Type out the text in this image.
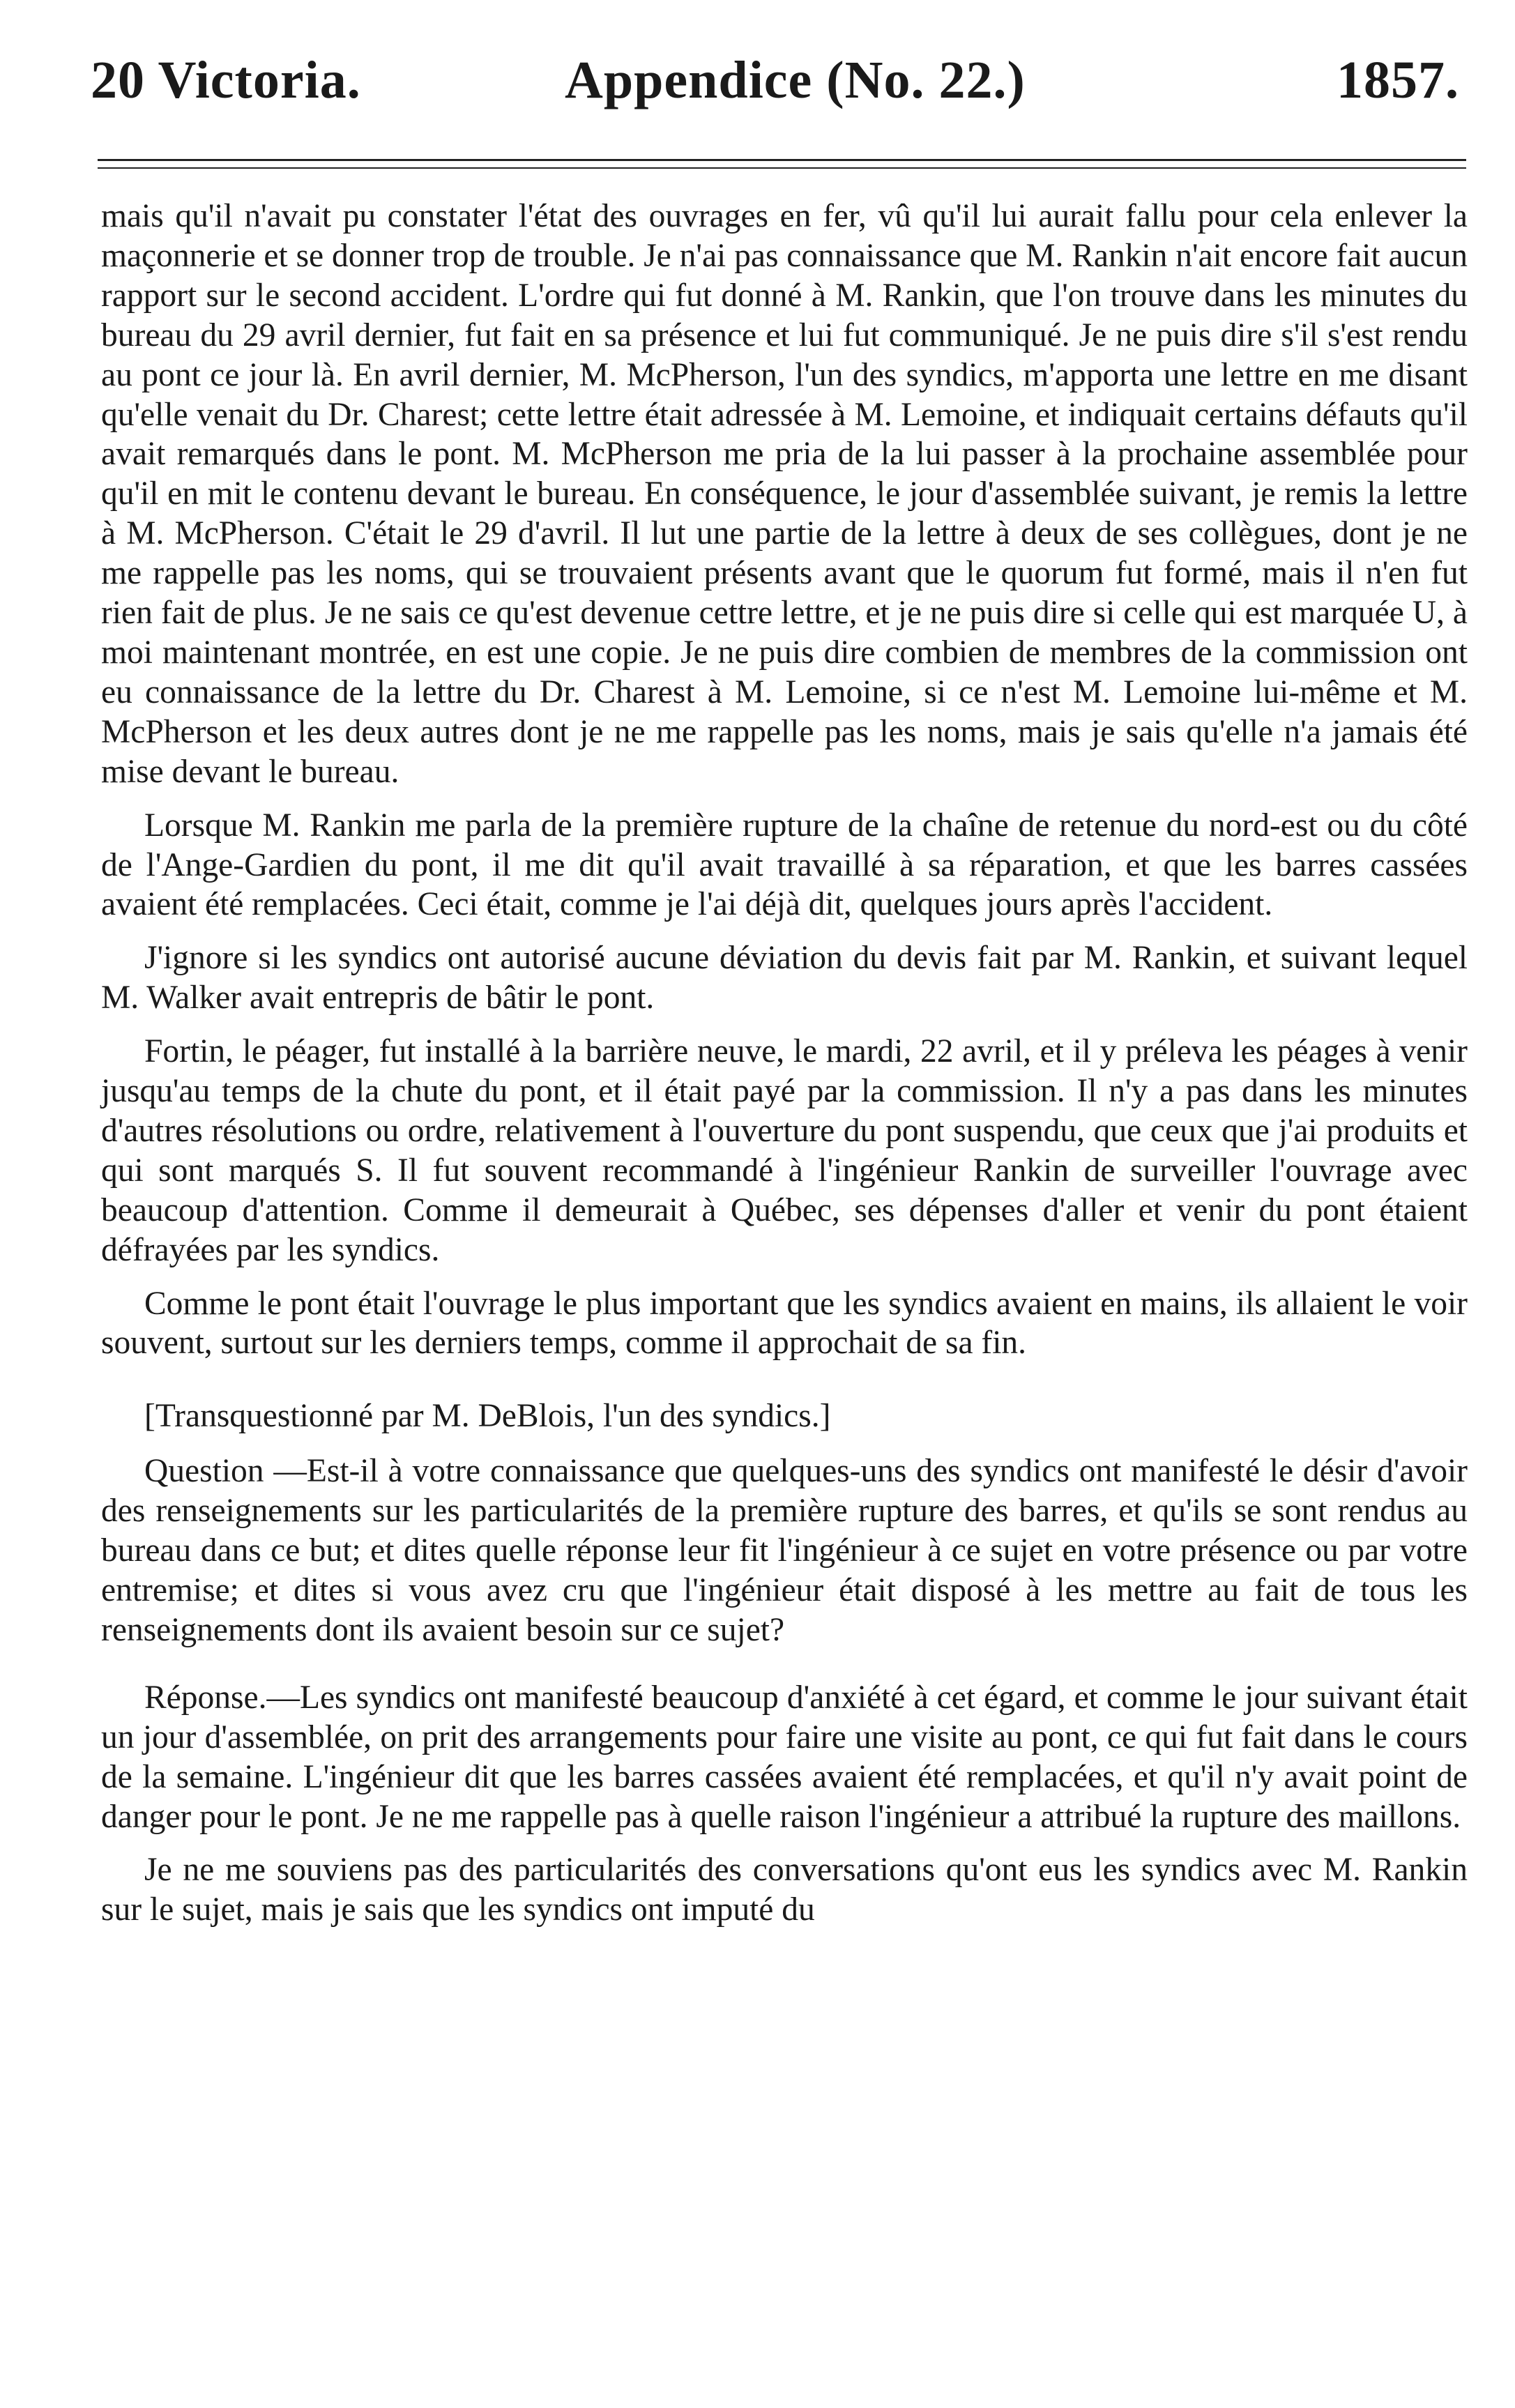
20 Victoria.	Appendice (No. 22.)	1857.

mais qu'il n'avait pu constater l'état des ouvrages en fer, vû qu'il lui aurait fallu pour cela enlever la maçonnerie et se donner trop de trouble. Je n'ai pas connaissance que M. Rankin n'ait encore fait aucun rapport sur le second accident. L'ordre qui fut donné à M. Rankin, que l'on trouve dans les minutes du bureau du 29 avril dernier, fut fait en sa présence et lui fut communiqué. Je ne puis dire s'il s'est rendu au pont ce jour là. En avril dernier, M. McPherson, l'un des syndics, m'apporta une lettre en me disant qu'elle venait du Dr. Charest; cette lettre était adressée à M. Lemoine, et indiquait certains défauts qu'il avait remarqués dans le pont. M. McPherson me pria de la lui passer à la prochaine assemblée pour qu'il en mit le contenu devant le bureau. En conséquence, le jour d'assemblée suivant, je remis la lettre à M. McPherson. C'était le 29 d'avril. Il lut une partie de la lettre à deux de ses collègues, dont je ne me rappelle pas les noms, qui se trouvaient présents avant que le quorum fut formé, mais il n'en fut rien fait de plus. Je ne sais ce qu'est devenue cettre lettre, et je ne puis dire si celle qui est marquée U, à moi maintenant montrée, en est une copie. Je ne puis dire combien de membres de la commission ont eu connaissance de la lettre du Dr. Charest à M. Lemoine, si ce n'est M. Lemoine lui-même et M. McPherson et les deux autres dont je ne me rappelle pas les noms, mais je sais qu'elle n'a jamais été mise devant le bureau.

Lorsque M. Rankin me parla de la première rupture de la chaîne de retenue du nord-est ou du côté de l'Ange-Gardien du pont, il me dit qu'il avait travaillé à sa réparation, et que les barres cassées avaient été remplacées. Ceci était, comme je l'ai déjà dit, quelques jours après l'accident.

J'ignore si les syndics ont autorisé aucune déviation du devis fait par M. Rankin, et suivant lequel M. Walker avait entrepris de bâtir le pont.

Fortin, le péager, fut installé à la barrière neuve, le mardi, 22 avril, et il y préleva les péages à venir jusqu'au temps de la chute du pont, et il était payé par la commission. Il n'y a pas dans les minutes d'autres résolutions ou ordre, relativement à l'ouverture du pont suspendu, que ceux que j'ai produits et qui sont marqués S. Il fut souvent recommandé à l'ingénieur Rankin de surveiller l'ouvrage avec beaucoup d'attention. Comme il demeurait à Québec, ses dépenses d'aller et venir du pont étaient défrayées par les syndics.

Comme le pont était l'ouvrage le plus important que les syndics avaient en mains, ils allaient le voir souvent, surtout sur les derniers temps, comme il approchait de sa fin.

[Transquestionné par M. DeBlois, l'un des syndics.]

Question —Est-il à votre connaissance que quelques-uns des syndics ont manifesté le désir d'avoir des renseignements sur les particularités de la première rupture des barres, et qu'ils se sont rendus au bureau dans ce but; et dites quelle réponse leur fit l'ingénieur à ce sujet en votre présence ou par votre entremise; et dites si vous avez cru que l'ingénieur était disposé à les mettre au fait de tous les renseignements dont ils avaient besoin sur ce sujet?

Réponse.—Les syndics ont manifesté beaucoup d'anxiété à cet égard, et comme le jour suivant était un jour d'assemblée, on prit des arrangements pour faire une visite au pont, ce qui fut fait dans le cours de la semaine. L'ingénieur dit que les barres cassées avaient été remplacées, et qu'il n'y avait point de danger pour le pont. Je ne me rappelle pas à quelle raison l'ingénieur a attribué la rupture des maillons.

Je ne me souviens pas des particularités des conversations qu'ont eus les syndics avec M. Rankin sur le sujet, mais je sais que les syndics ont imputé du
